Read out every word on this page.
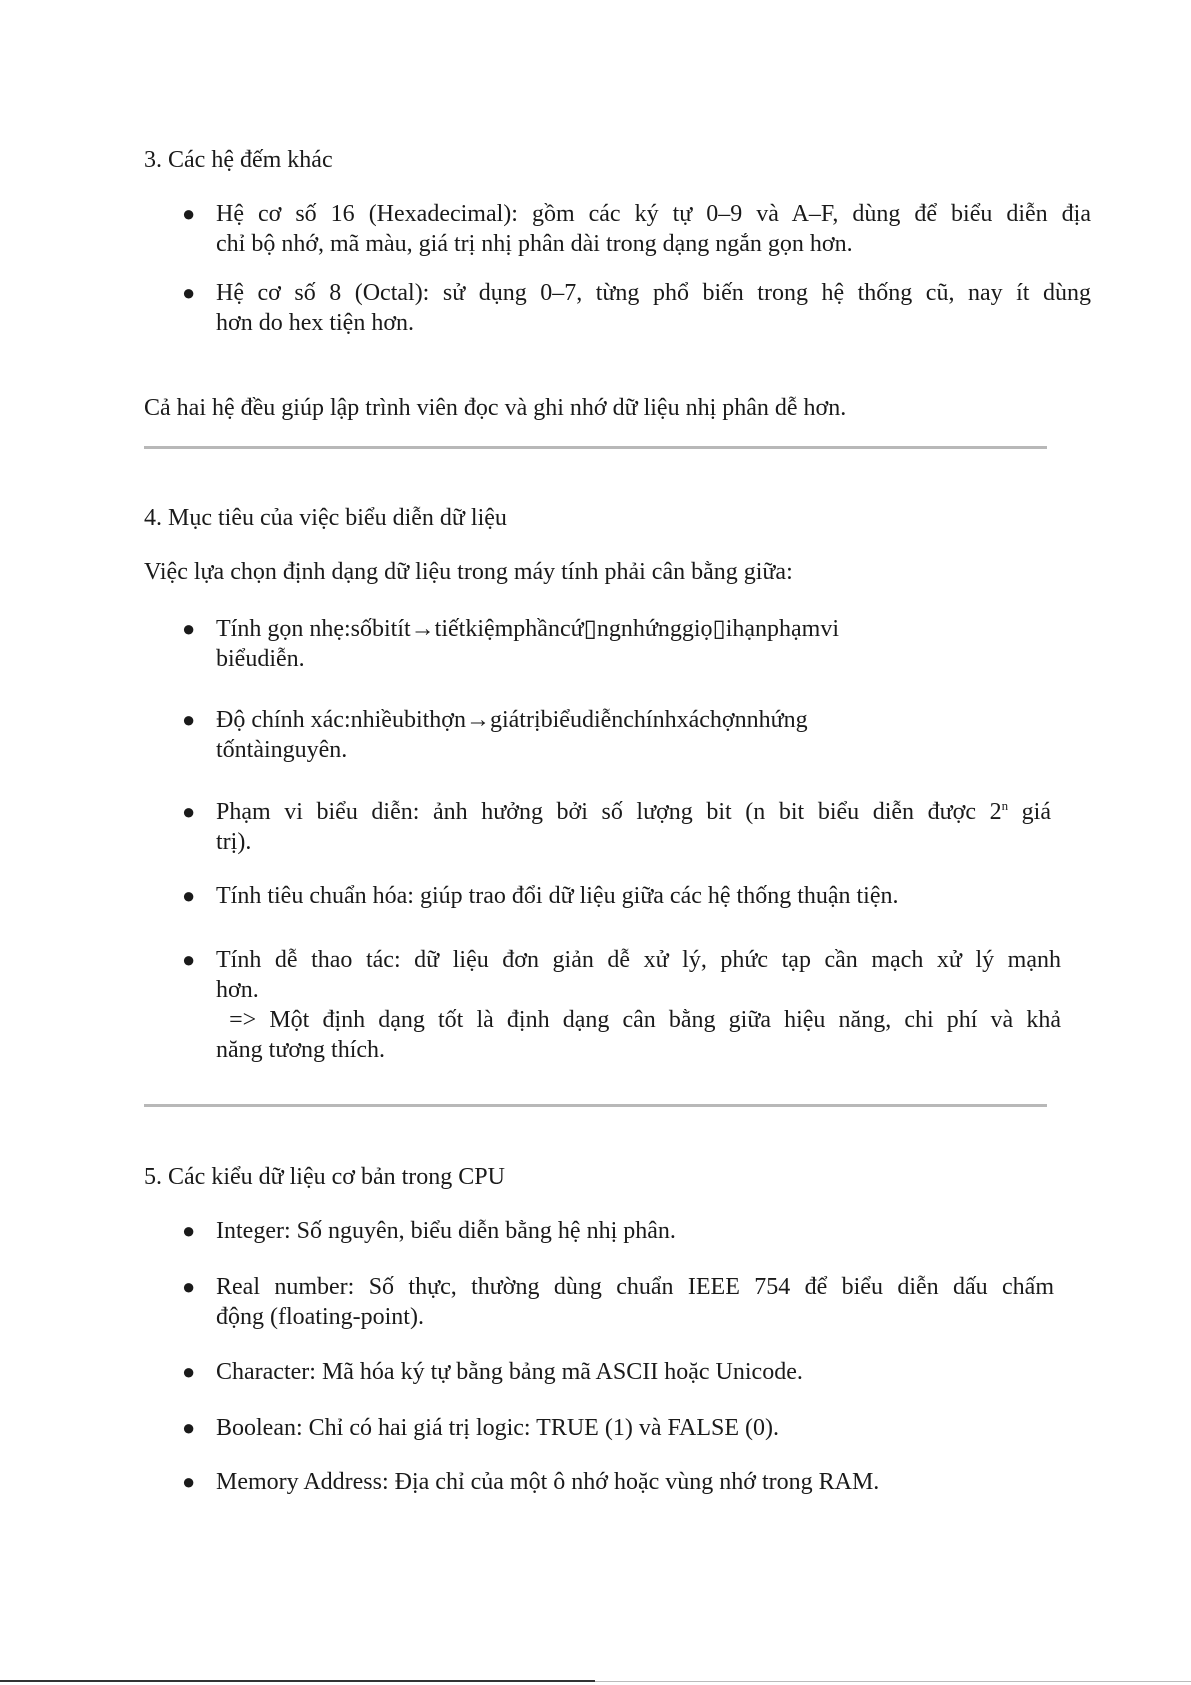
3. Các hệ đếm khác
● Hệ cơ số 16 (Hexadecimal): gồm các ký tự 0–9 và A–F, dùng để biểu diễn địa
chỉ bộ nhớ, mã màu, giá trị nhị phân dài trong dạng ngắn gọn hơn.
● Hệ cơ số 8 (Octal): sử dụng 0–7, từng phổ biến trong hệ thống cũ, nay ít dùng
hơn do hex tiện hơn.
Cả hai hệ đều giúp lập trình viên đọc và ghi nhớ dữ liệu nhị phân dễ hơn.
4. Mục tiêu của việc biểu diễn dữ liệu
Việc lựa chọn định dạng dữ liệu trong máy tính phải cân bằng giữa:
● Tính gọn nhẹ:sốbitít→tiếtkiệmphầncứ▯ngnhứnggiọ▯ihạnphạmvi
biểudiễn.
● Độ chính xác:nhiềubithợn→giátrịbiểudiễnchínhxáchợnnhứng
tốntàinguyên.
● Phạm vi biểu diễn: ảnh hưởng bởi số lượng bit (n bit biểu diễn được 2$^n$ giá
trị).
● Tính tiêu chuẩn hóa: giúp trao đổi dữ liệu giữa các hệ thống thuận tiện.
● Tính dễ thao tác: dữ liệu đơn giản dễ xử lý, phức tạp cần mạch xử lý mạnh
hơn.
=> Một định dạng tốt là định dạng cân bằng giữa hiệu năng, chi phí và khả
năng tương thích.
5. Các kiểu dữ liệu cơ bản trong CPU
● Integer: Số nguyên, biểu diễn bằng hệ nhị phân.
● Real number: Số thực, thường dùng chuẩn IEEE 754 để biểu diễn dấu chấm
động (floating-point).
● Character: Mã hóa ký tự bằng bảng mã ASCII hoặc Unicode.
● Boolean: Chỉ có hai giá trị logic: TRUE (1) và FALSE (0).
● Memory Address: Địa chỉ của một ô nhớ hoặc vùng nhớ trong RAM.
